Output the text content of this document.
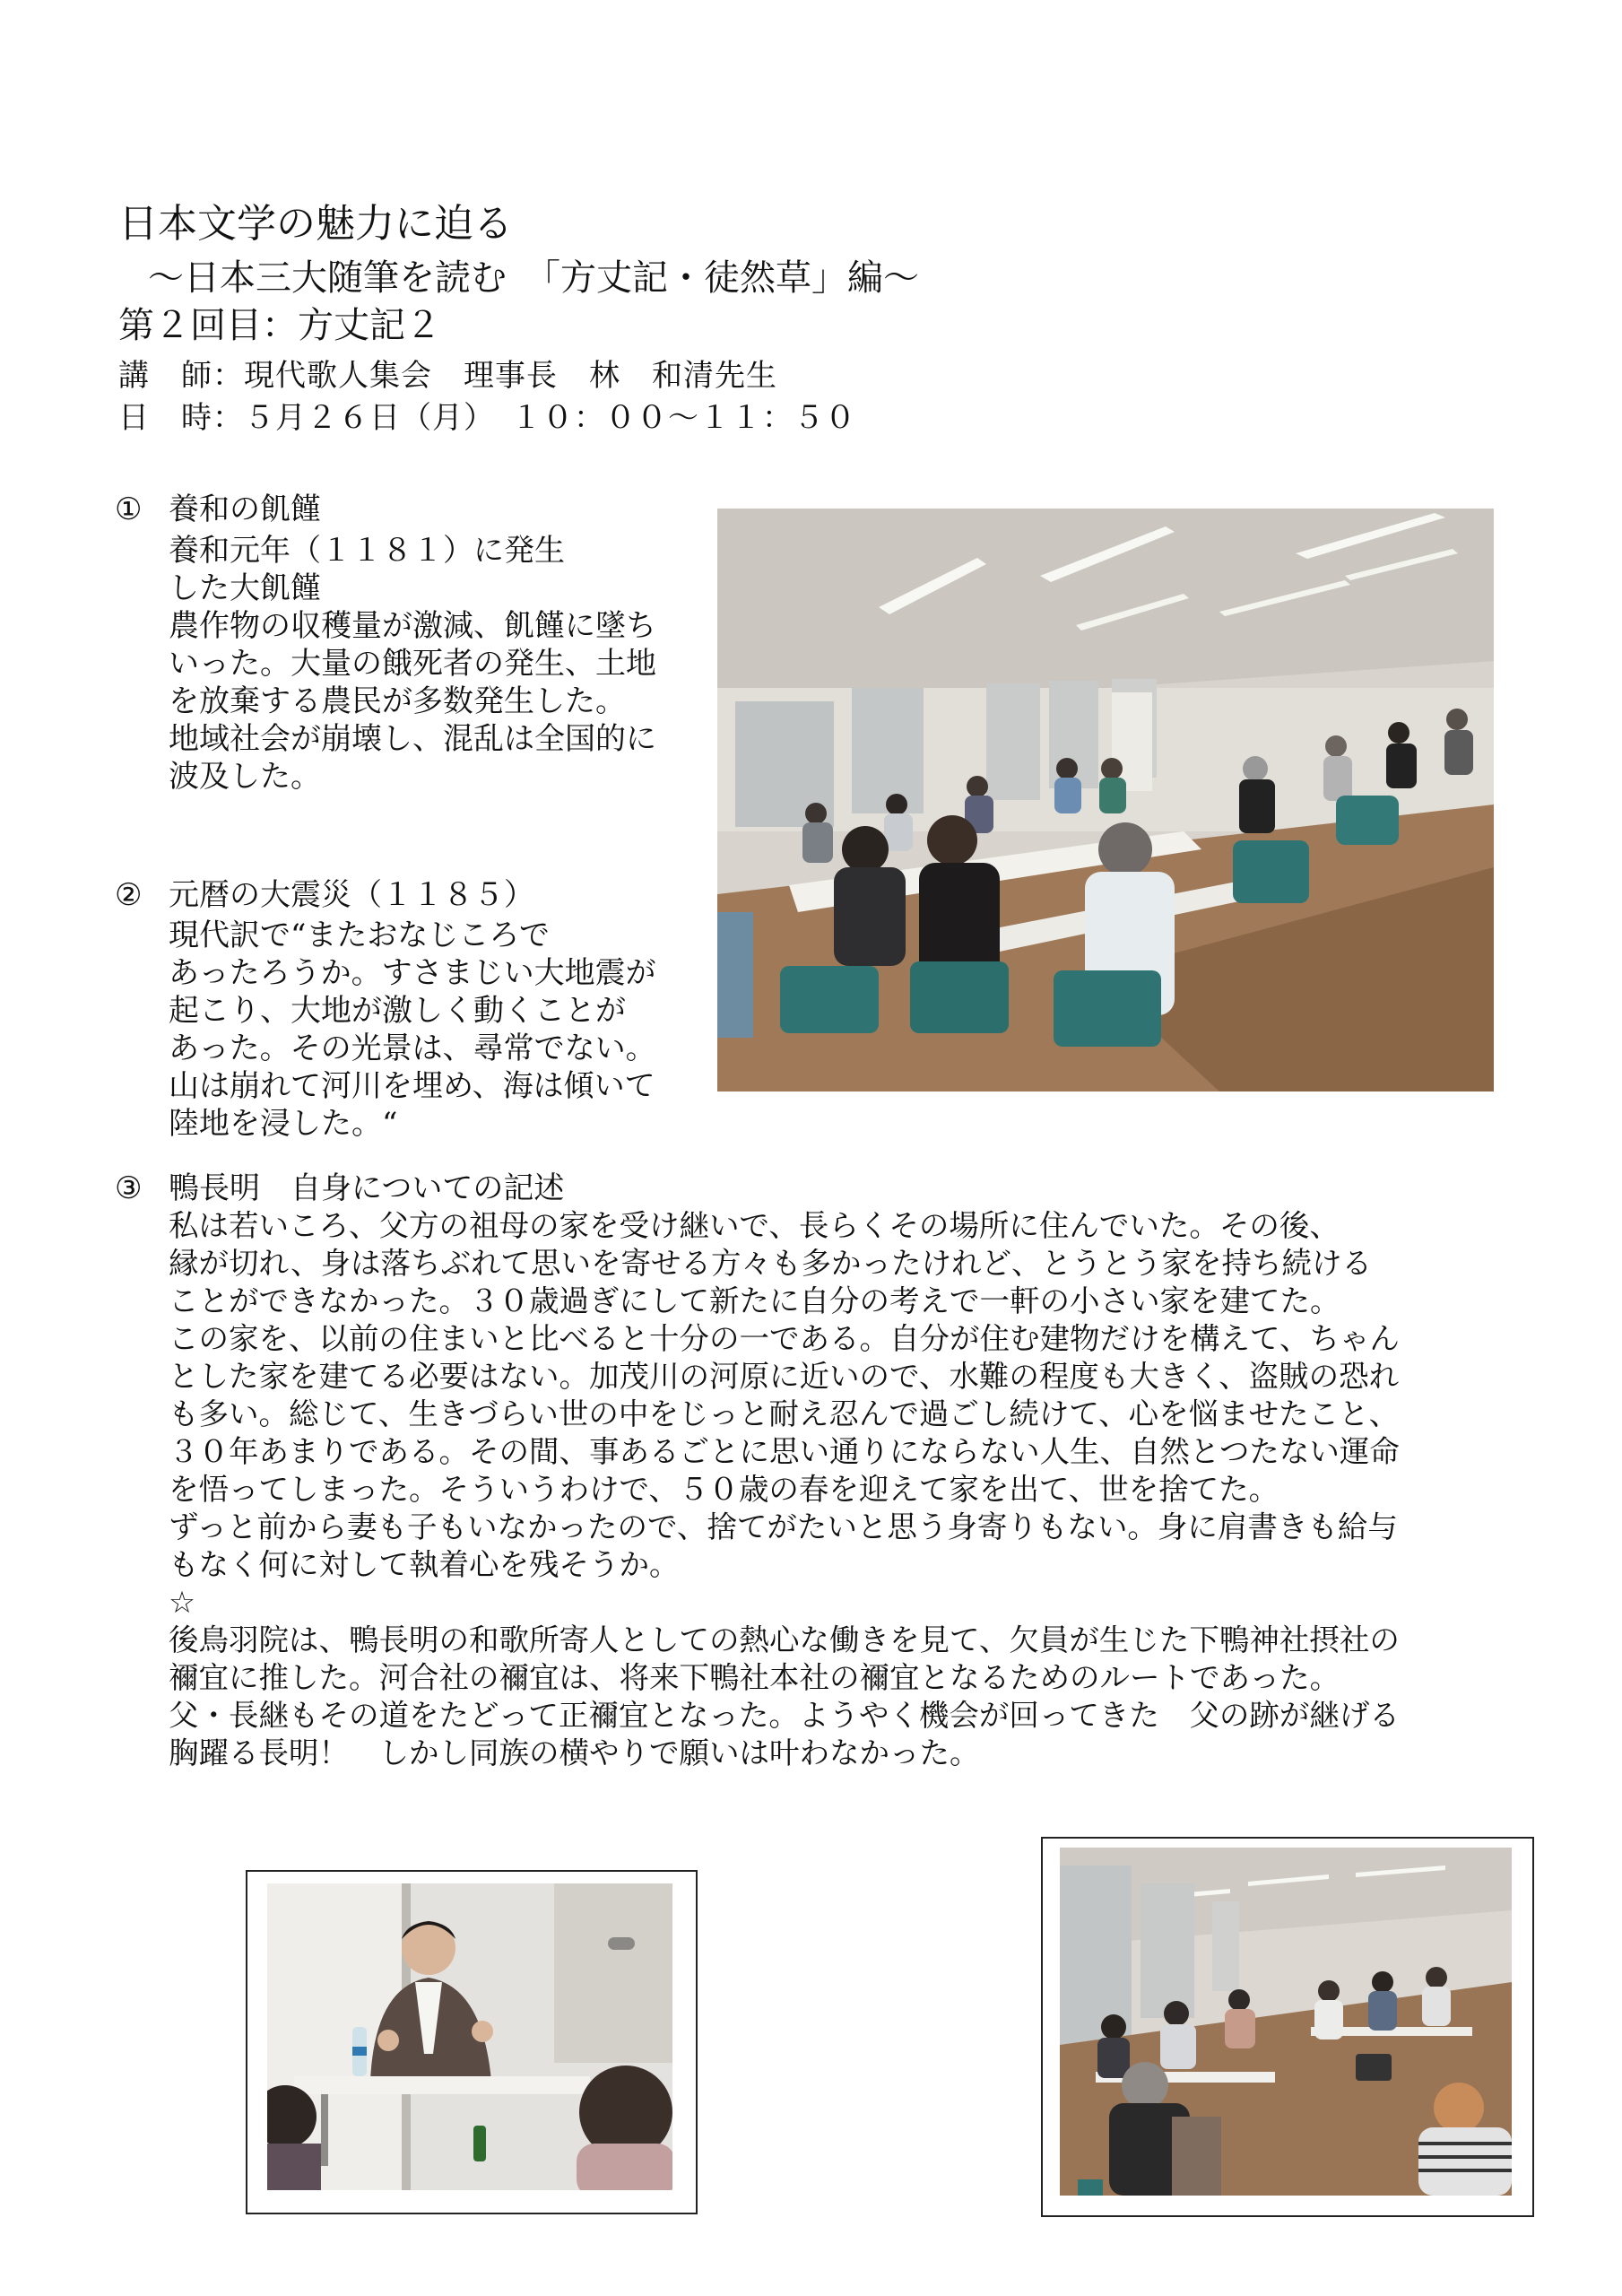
日本文学の魅力に迫る
～日本三大随筆を読む　「方丈記・徒然草」編～
第２回目：方丈記２
講　師：現代歌人集会　理事長　林　和清先生
日　時：５月２６日（月）　１０：００～１１：５０
① 養和の飢饉
養和元年（１１８１）に発生
した大飢饉
農作物の収穫量が激減、飢饉に墜ち
いった。大量の餓死者の発生、土地
を放棄する農民が多数発生した。
地域社会が崩壊し、混乱は全国的に
波及した。
② 元暦の大震災（１１８５）
現代訳で“またおなじころで
あったろうか。すさまじい大地震が
起こり、大地が激しく動くことが
あった。その光景は、尋常でない。
山は崩れて河川を埋め、海は傾いて
陸地を浸した。“
③ 鴨長明　自身についての記述
私は若いころ、父方の祖母の家を受け継いで、長らくその場所に住んでいた。その後、
縁が切れ、身は落ちぶれて思いを寄せる方々も多かったけれど、とうとう家を持ち続ける
ことができなかった。３０歳過ぎにして新たに自分の考えで一軒の小さい家を建てた。
この家を、以前の住まいと比べると十分の一である。自分が住む建物だけを構えて、ちゃん
とした家を建てる必要はない。加茂川の河原に近いので、水難の程度も大きく、盗賊の恐れ
も多い。総じて、生きづらい世の中をじっと耐え忍んで過ごし続けて、心を悩ませたこと、
３０年あまりである。その間、事あるごとに思い通りにならない人生、自然とつたない運命
を悟ってしまった。そういうわけで、５０歳の春を迎えて家を出て、世を捨てた。
ずっと前から妻も子もいなかったので、捨てがたいと思う身寄りもない。身に肩書きも給与
もなく何に対して執着心を残そうか。
☆
後鳥羽院は、鴨長明の和歌所寄人としての熱心な働きを見て、欠員が生じた下鴨神社摂社の
禰宜に推した。河合社の禰宜は、将来下鴨社本社の禰宜となるためのルートであった。
父・長継もその道をたどって正禰宜となった。ようやく機会が回ってきた　父の跡が継げる
胸躍る長明！　しかし同族の横やりで願いは叶わなかった。
